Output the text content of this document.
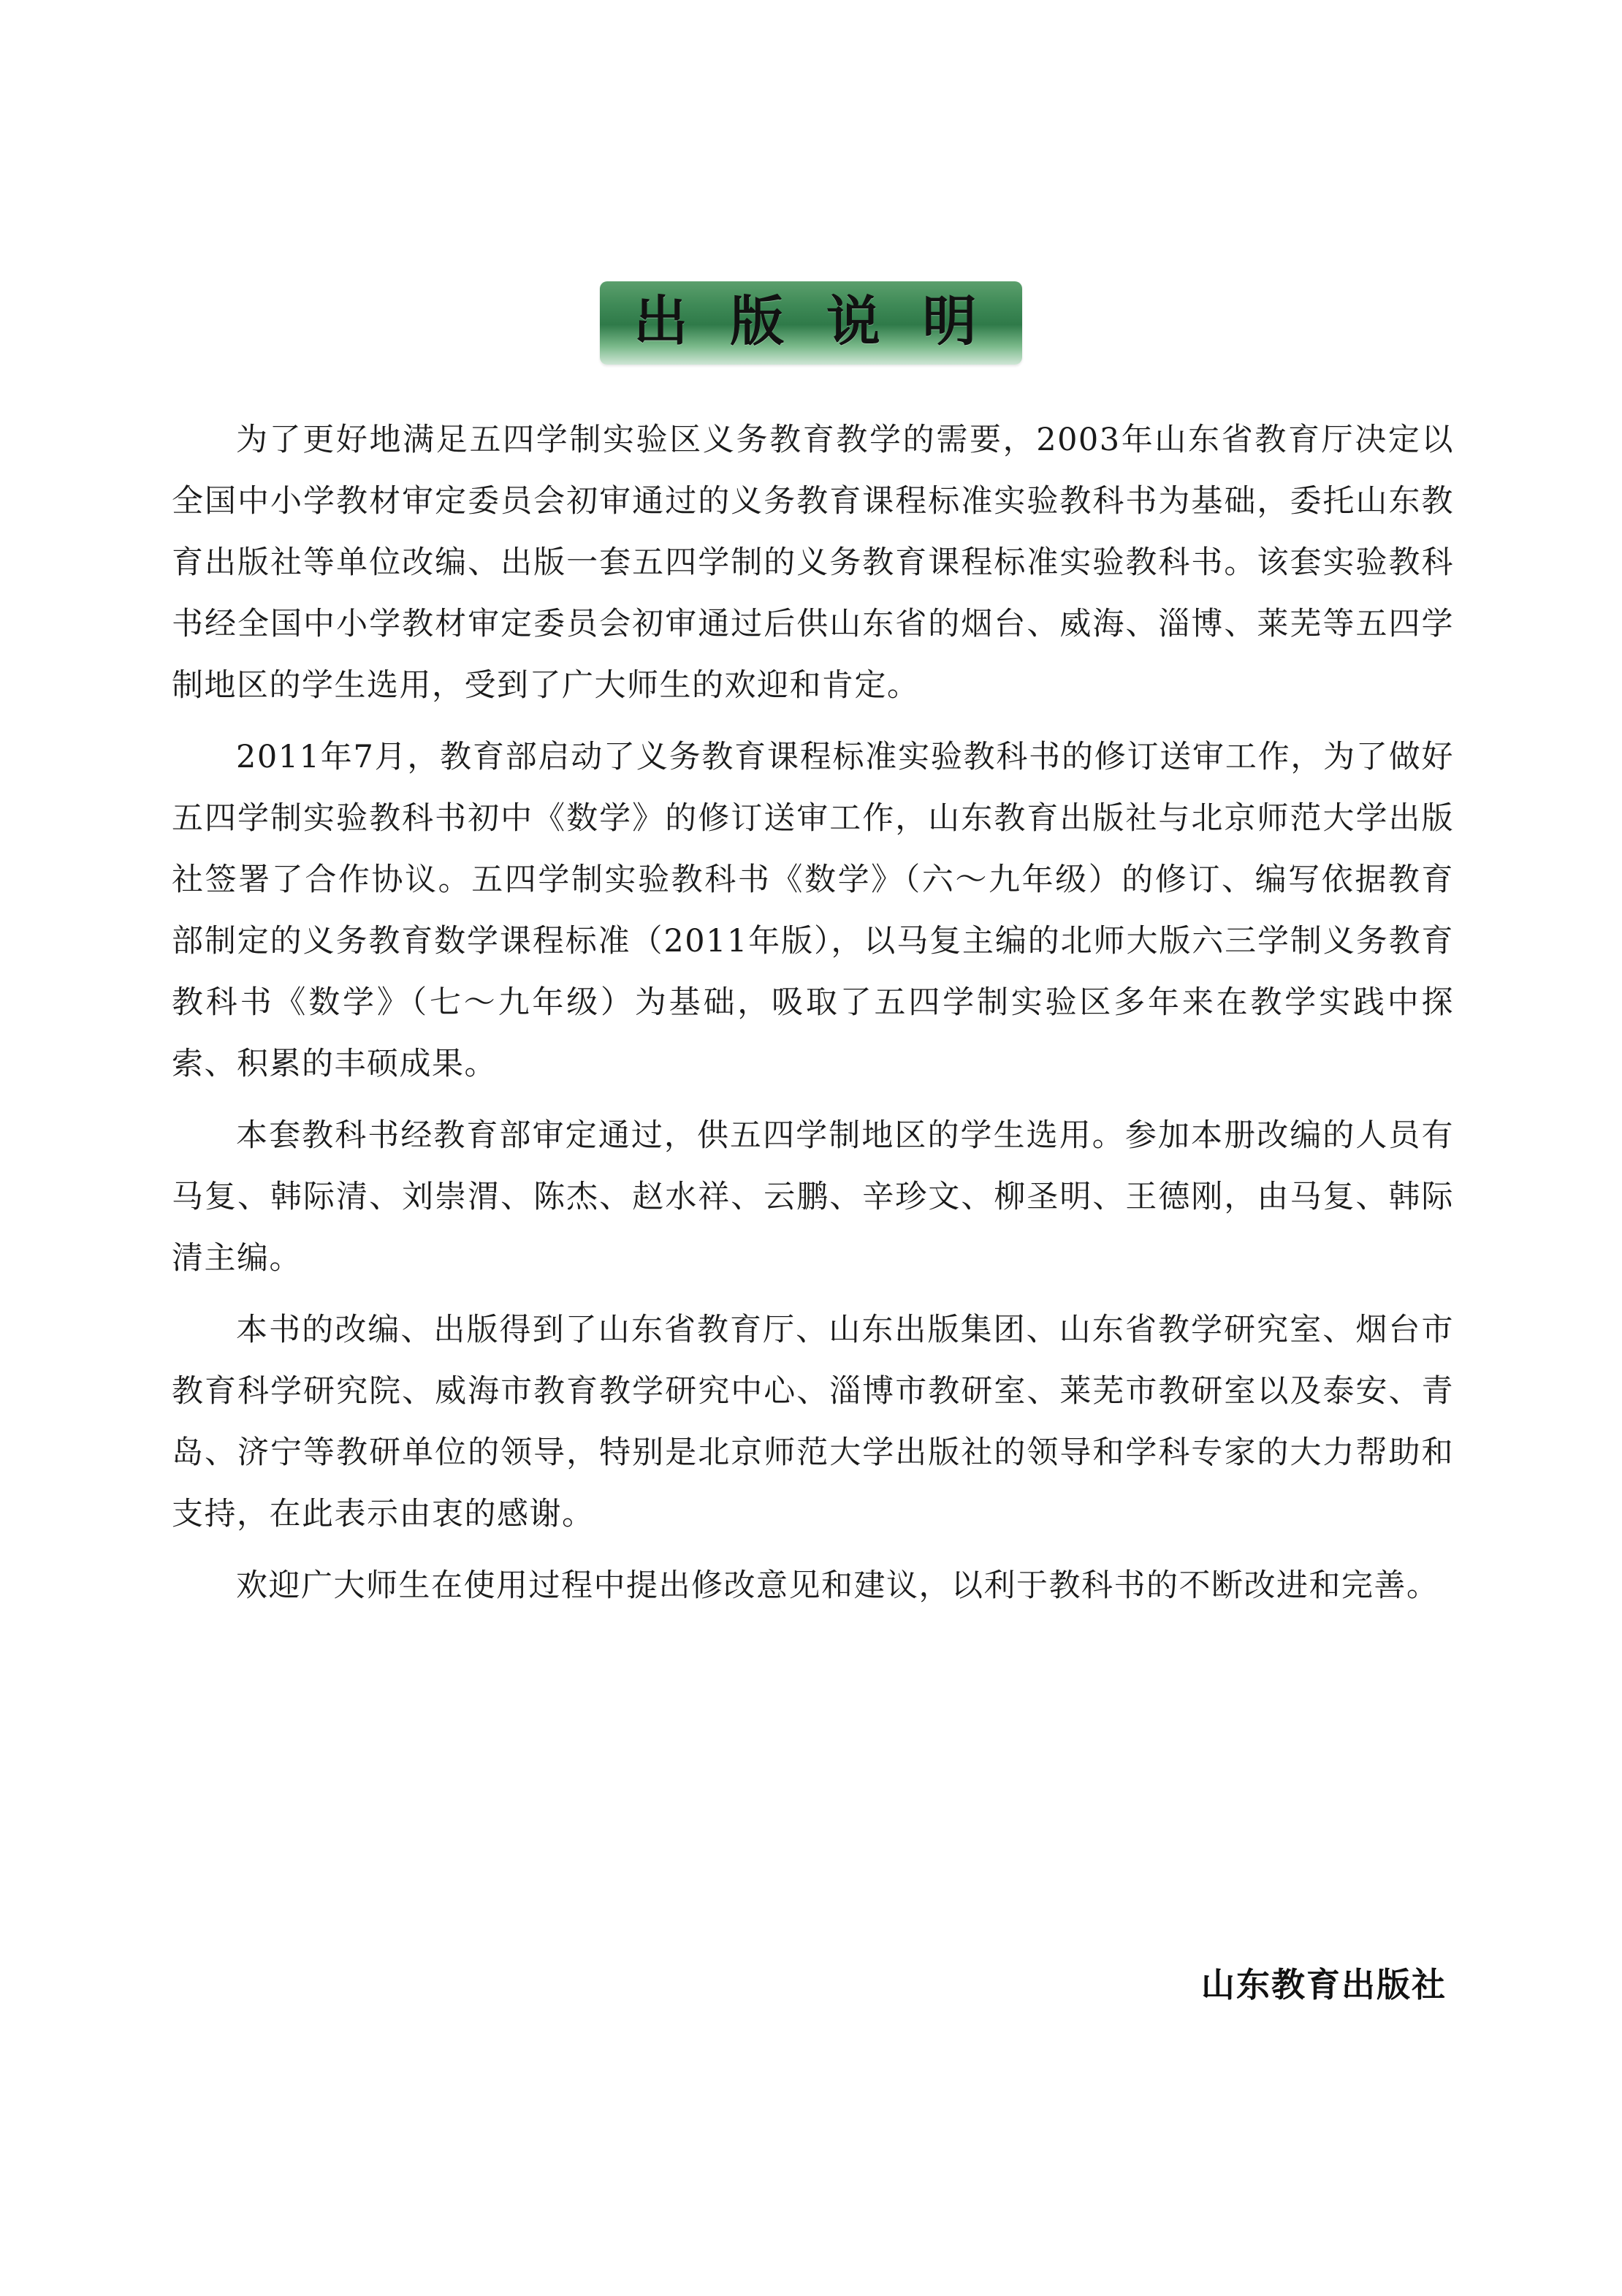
出 版 说 明

为了更好地满足五四学制实验区义务教育教学的需要，2003年山东省教育厅决定以全国中小学教材审定委员会初审通过的义务教育课程标准实验教科书为基础，委托山东教育出版社等单位改编、出版一套五四学制的义务教育课程标准实验教科书。该套实验教科书经全国中小学教材审定委员会初审通过后供山东省的烟台、威海、淄博、莱芜等五四学制地区的学生选用，受到了广大师生的欢迎和肯定。

2011年7月，教育部启动了义务教育课程标准实验教科书的修订送审工作，为了做好五四学制实验教科书初中《数学》的修订送审工作，山东教育出版社与北京师范大学出版社签署了合作协议。五四学制实验教科书《数学》（六～九年级）的修订、编写依据教育部制定的义务教育数学课程标准（2011年版），以马复主编的北师大版六三学制义务教育教科书《数学》（七～九年级）为基础，吸取了五四学制实验区多年来在教学实践中探索、积累的丰硕成果。

本套教科书经教育部审定通过，供五四学制地区的学生选用。参加本册改编的人员有马复、韩际清、刘崇渭、陈杰、赵水祥、云鹏、辛珍文、柳圣明、王德刚，由马复、韩际清主编。

本书的改编、出版得到了山东省教育厅、山东出版集团、山东省教学研究室、烟台市教育科学研究院、威海市教育教学研究中心、淄博市教研室、莱芜市教研室以及泰安、青岛、济宁等教研单位的领导，特别是北京师范大学出版社的领导和学科专家的大力帮助和支持，在此表示由衷的感谢。

欢迎广大师生在使用过程中提出修改意见和建议，以利于教科书的不断改进和完善。

山东教育出版社
